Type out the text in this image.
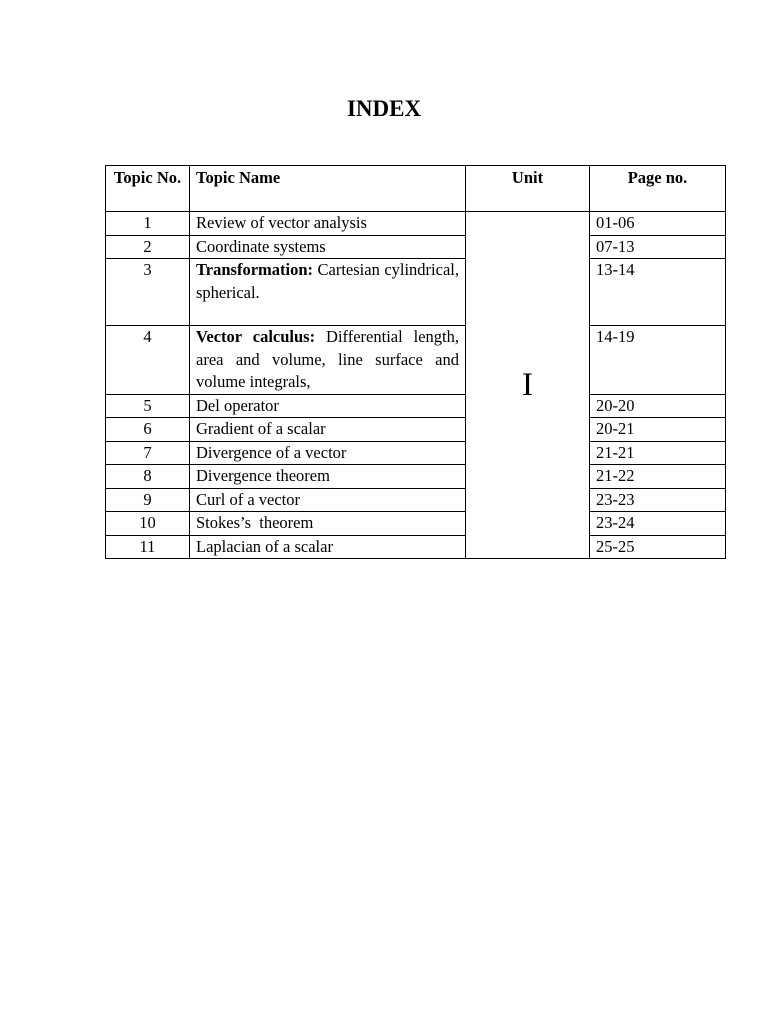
INDEX
Topic No.	Topic Name	Unit	Page no.
1	Review of vector analysis	I	01-06
2	Coordinate systems		07-13
3	Transformation: Cartesian cylindrical, spherical.		13-14
4	Vector calculus: Differential length, area and volume, line surface and volume integrals,		14-19
5	Del operator		20-20
6	Gradient of a scalar		20-21
7	Divergence of a vector		21-21
8	Divergence theorem		21-22
9	Curl of a vector		23-23
10	Stokes’s  theorem		23-24
11	Laplacian of a scalar		25-25
